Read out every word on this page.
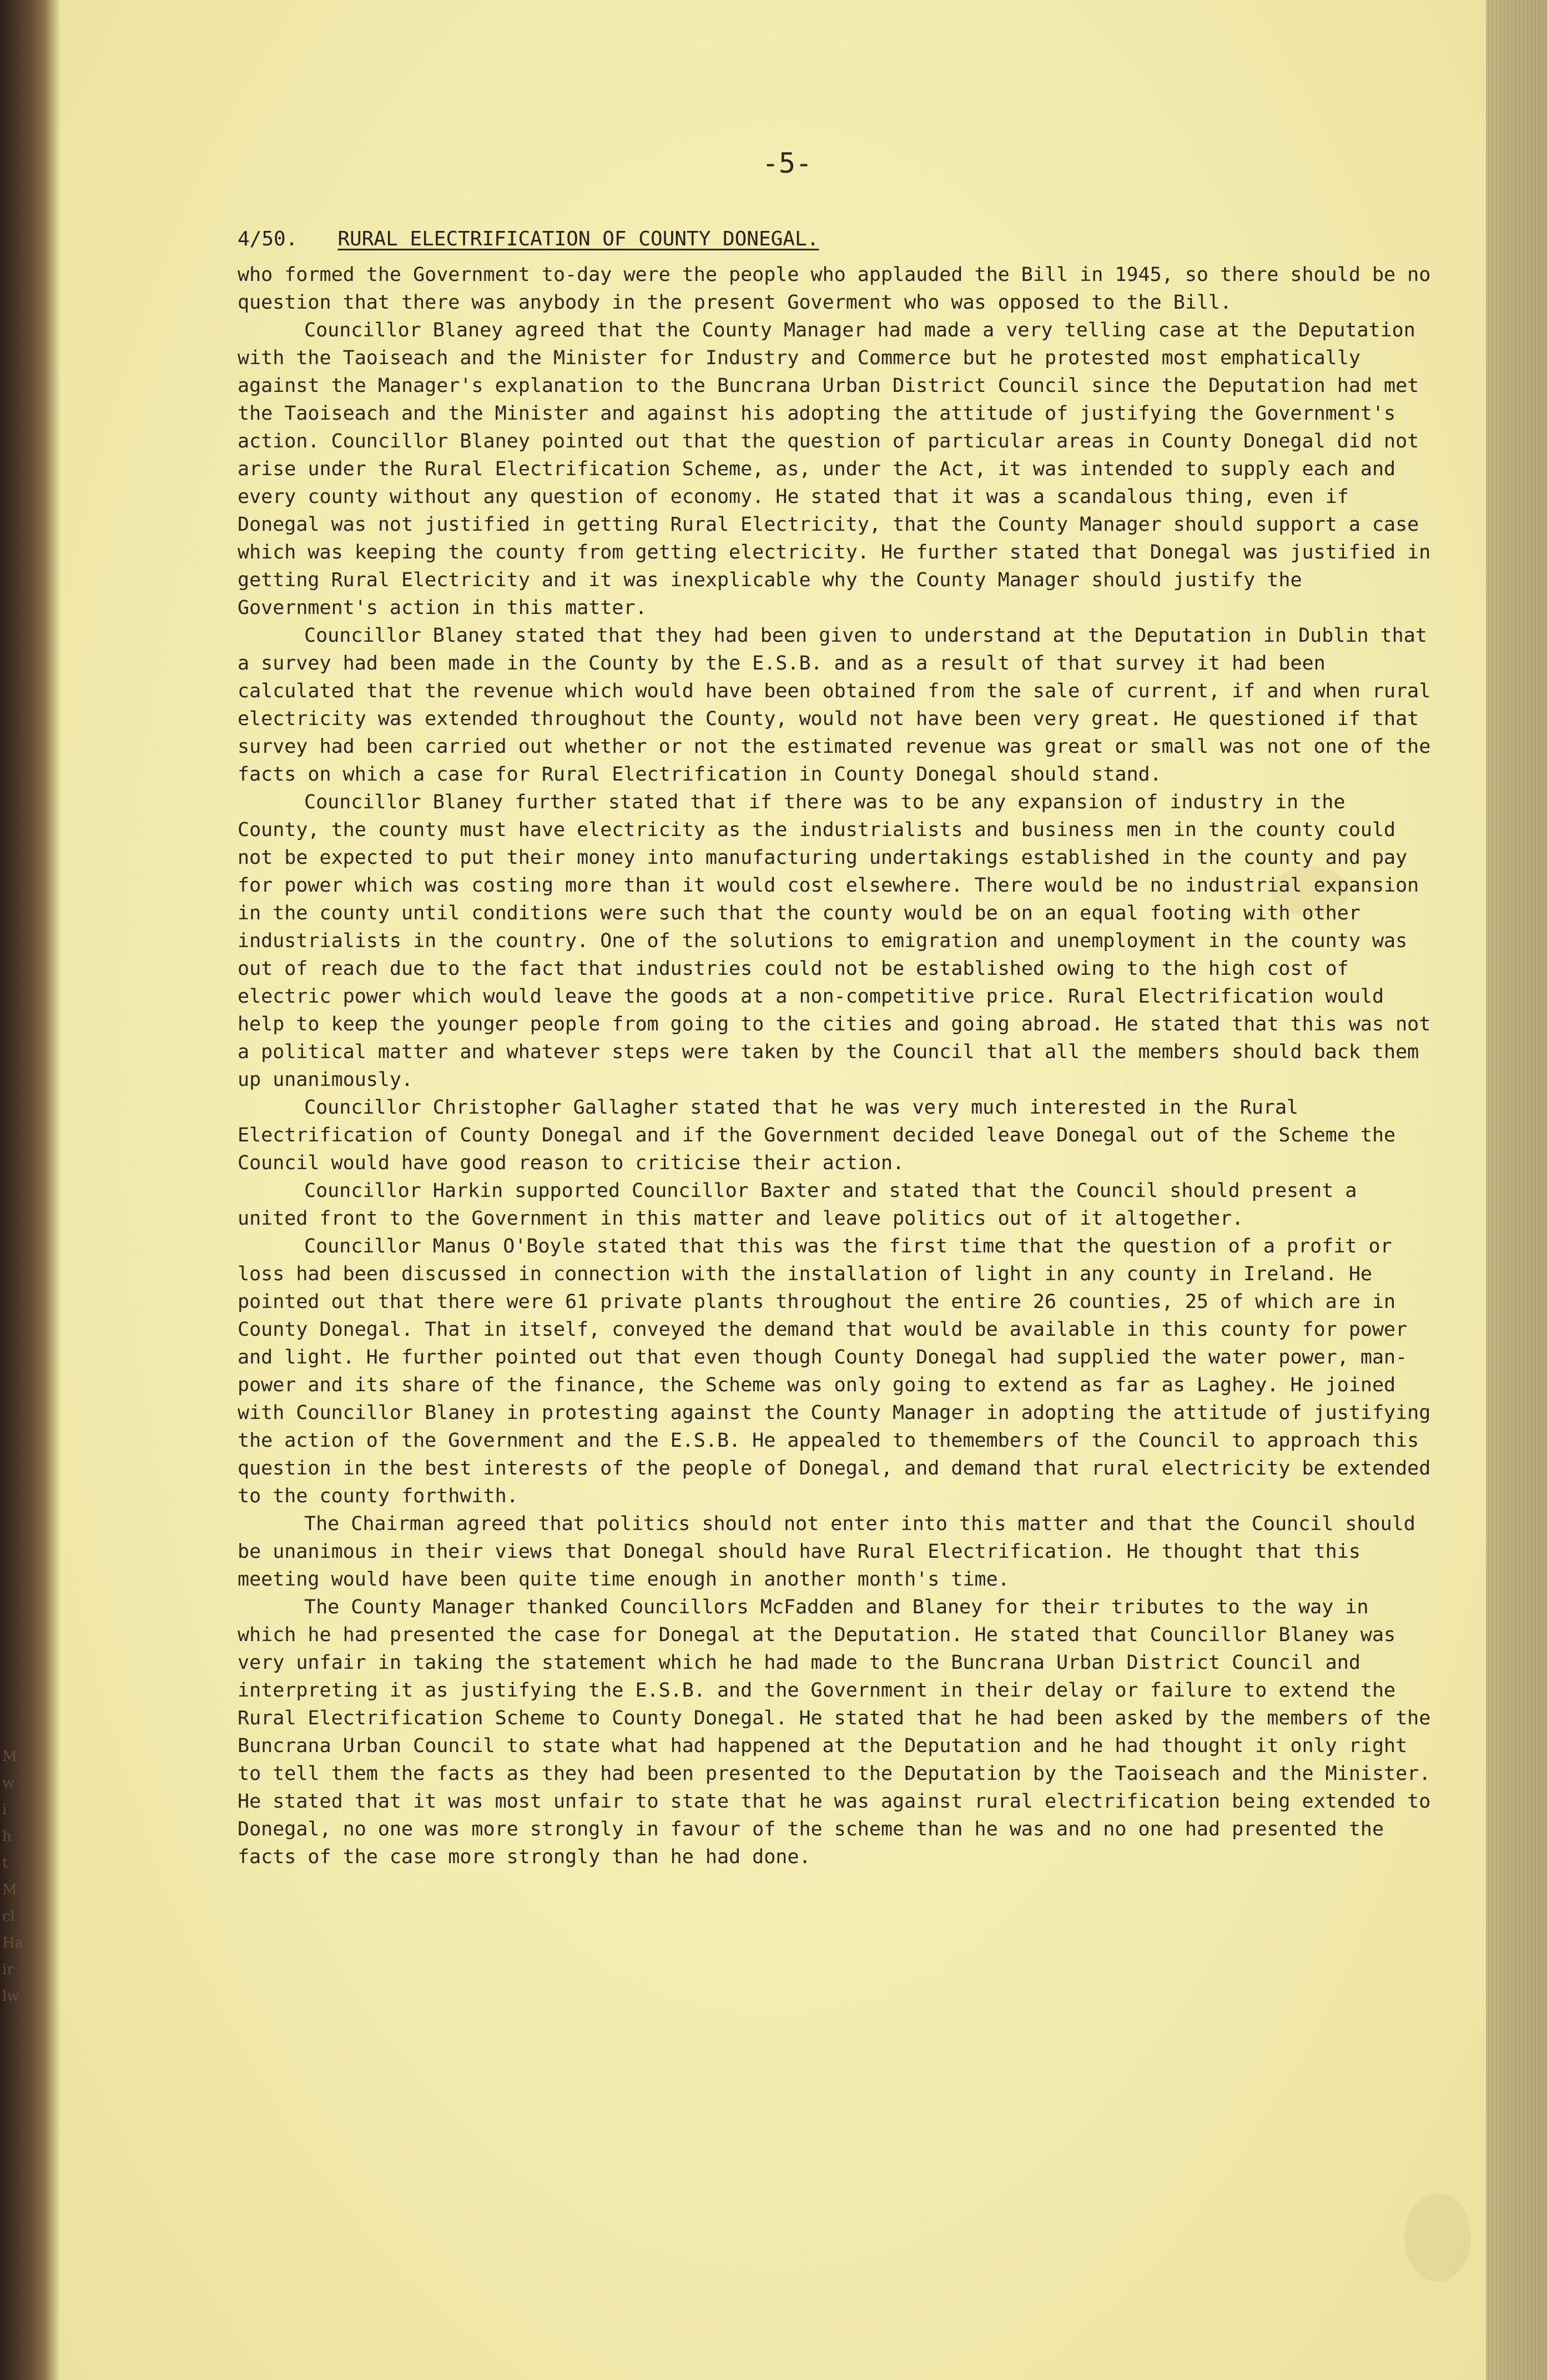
-5-
4/50. RURAL ELECTRIFICATION OF COUNTY DONEGAL.

who formed the Government to-day were the people who applauded the Bill in 1945, so there should be no question that there was anybody in the present Goverment who was opposed to the Bill.

Councillor Blaney agreed that the County Manager had made a very telling case at the Deputation with the Taoiseach and the Minister for Industry and Commerce but he protested most emphatically against the Manager's explanation to the Buncrana Urban District Council since the Deputation had met the Taoiseach and the Minister and against his adopting the attitude of justifying the Government's action. Councillor Blaney pointed out that the question of particular areas in County Donegal did not arise under the Rural Electrification Scheme, as, under the Act, it was intended to supply each and every county without any question of economy. He stated that it was a scandalous thing, even if Donegal was not justified in getting Rural Electricity, that the County Manager should support a case which was keeping the county from getting electricity. He further stated that Donegal was justified in getting Rural Electricity and it was inexplicable why the County Manager should justify the Government's action in this matter.

Councillor Blaney stated that they had been given to understand at the Deputation in Dublin that a survey had been made in the County by the E.S.B. and as a result of that survey it had been calculated that the revenue which would have been obtained from the sale of current, if and when rural electricity was extended throughout the County, would not have been very great. He questioned if that survey had been carried out whether or not the estimated revenue was great or small was not one of the facts on which a case for Rural Electrification in County Donegal should stand.

Councillor Blaney further stated that if there was to be any expansion of industry in the County, the county must have electricity as the industrialists and business men in the county could not be expected to put their money into manufacturing undertakings established in the county and pay for power which was costing more than it would cost elsewhere. There would be no industrial expansion in the county until conditions were such that the county would be on an equal footing with other industrialists in the country. One of the solutions to emigration and unemployment in the county was out of reach due to the fact that industries could not be established owing to the high cost of electric power which would leave the goods at a non-competitive price. Rural Electrification would help to keep the younger people from going to the cities and going abroad. He stated that this was not a political matter and whatever steps were taken by the Council that all the members should back them up unanimously.

Councillor Christopher Gallagher stated that he was very much interested in the Rural Electrification of County Donegal and if the Government decided leave Donegal out of the Scheme the Council would have good reason to criticise their action.

Councillor Harkin supported Councillor Baxter and stated that the Council should present a united front to the Government in this matter and leave politics out of it altogether.

Councillor Manus O'Boyle stated that this was the first time that the question of a profit or loss had been discussed in connection with the installation of light in any county in Ireland. He pointed out that there were 61 private plants throughout the entire 26 counties, 25 of which are in County Donegal. That in itself, conveyed the demand that would be available in this county for power and light. He further pointed out that even though County Donegal had supplied the water power, man-power and its share of the finance, the Scheme was only going to extend as far as Laghey. He joined with Councillor Blaney in protesting against the County Manager in adopting the attitude of justifying the action of the Government and the E.S.B. He appealed to themembers of the Council to approach this question in the best interests of the people of Donegal, and demand that rural electricity be extended to the county forthwith.

The Chairman agreed that politics should not enter into this matter and that the Council should be unanimous in their views that Donegal should have Rural Electrification. He thought that this meeting would have been quite time enough in another month's time.

The County Manager thanked Councillors McFadden and Blaney for their tributes to the way in which he had presented the case for Donegal at the Deputation. He stated that Councillor Blaney was very unfair in taking the statement which he had made to the Buncrana Urban District Council and interpreting it as justifying the E.S.B. and the Government in their delay or failure to extend the Rural Electrification Scheme to County Donegal. He stated that he had been asked by the members of the Buncrana Urban Council to state what had happened at the Deputation and he had thought it only right to tell them the facts as they had been presented to the Deputation by the Taoiseach and the Minister. He stated that it was most unfair to state that he was against rural electrification being extended to Donegal, no one was more strongly in favour of the scheme than he was and no one had presented the facts of the case more strongly than he had done.

M
w
i
h
t
M
cl
Ha
ir
lw
